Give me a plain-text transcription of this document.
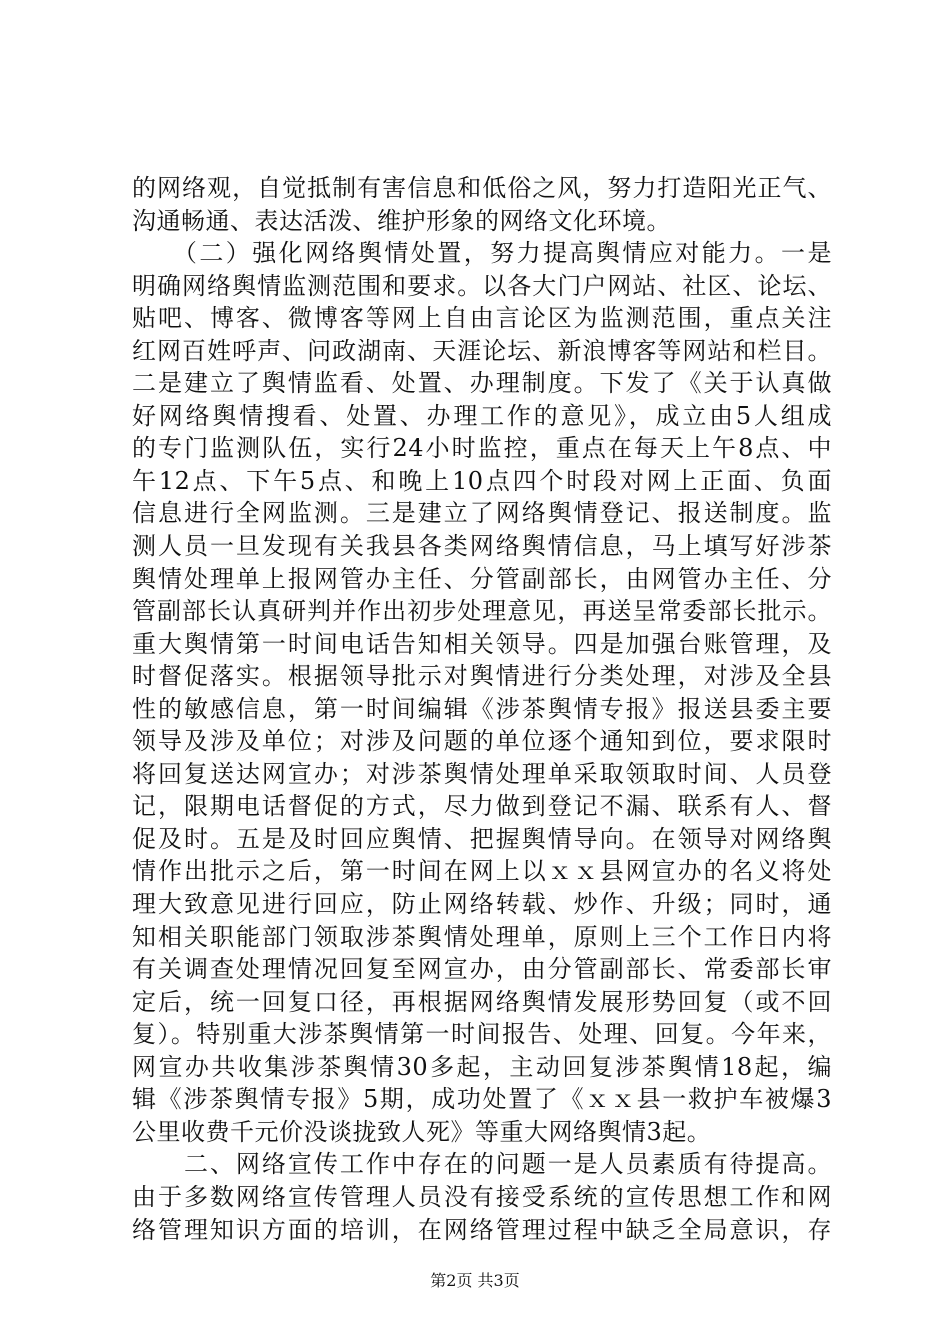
的网络观，自觉抵制有害信息和低俗之风，努力打造阳光正气、
沟通畅通、表达活泼、维护形象的网络文化环境。
　　（二）强化网络舆情处置，努力提高舆情应对能力。一是
明确网络舆情监测范围和要求。以各大门户网站、社区、论坛、
贴吧、博客、微博客等网上自由言论区为监测范围，重点关注
红网百姓呼声、问政湖南、天涯论坛、新浪博客等网站和栏目。
二是建立了舆情监看、处置、办理制度。下发了《关于认真做
好网络舆情搜看、处置、办理工作的意见》，成立由5人组成
的专门监测队伍，实行24小时监控，重点在每天上午8点、中
午12点、下午5点、和晚上10点四个时段对网上正面、负面
信息进行全网监测。三是建立了网络舆情登记、报送制度。监
测人员一旦发现有关我县各类网络舆情信息，马上填写好涉茶
舆情处理单上报网管办主任、分管副部长，由网管办主任、分
管副部长认真研判并作出初步处理意见，再送呈常委部长批示。
重大舆情第一时间电话告知相关领导。四是加强台账管理，及
时督促落实。根据领导批示对舆情进行分类处理，对涉及全县
性的敏感信息，第一时间编辑《涉茶舆情专报》报送县委主要
领导及涉及单位；对涉及问题的单位逐个通知到位，要求限时
将回复送达网宣办；对涉茶舆情处理单采取领取时间、人员登
记，限期电话督促的方式，尽力做到登记不漏、联系有人、督
促及时。五是及时回应舆情、把握舆情导向。在领导对网络舆
情作出批示之后，第一时间在网上以ｘｘ县网宣办的名义将处
理大致意见进行回应，防止网络转载、炒作、升级；同时，通
知相关职能部门领取涉茶舆情处理单，原则上三个工作日内将
有关调查处理情况回复至网宣办，由分管副部长、常委部长审
定后，统一回复口径，再根据网络舆情发展形势回复（或不回
复）。特别重大涉茶舆情第一时间报告、处理、回复。今年来，
网宣办共收集涉茶舆情30多起，主动回复涉茶舆情18起，编
辑《涉茶舆情专报》5期，成功处置了《ｘｘ县一救护车被爆3
公里收费千元价没谈拢致人死》等重大网络舆情3起。
　　二、网络宣传工作中存在的问题一是人员素质有待提高。
由于多数网络宣传管理人员没有接受系统的宣传思想工作和网
络管理知识方面的培训，在网络管理过程中缺乏全局意识，存
第2页 共3页
